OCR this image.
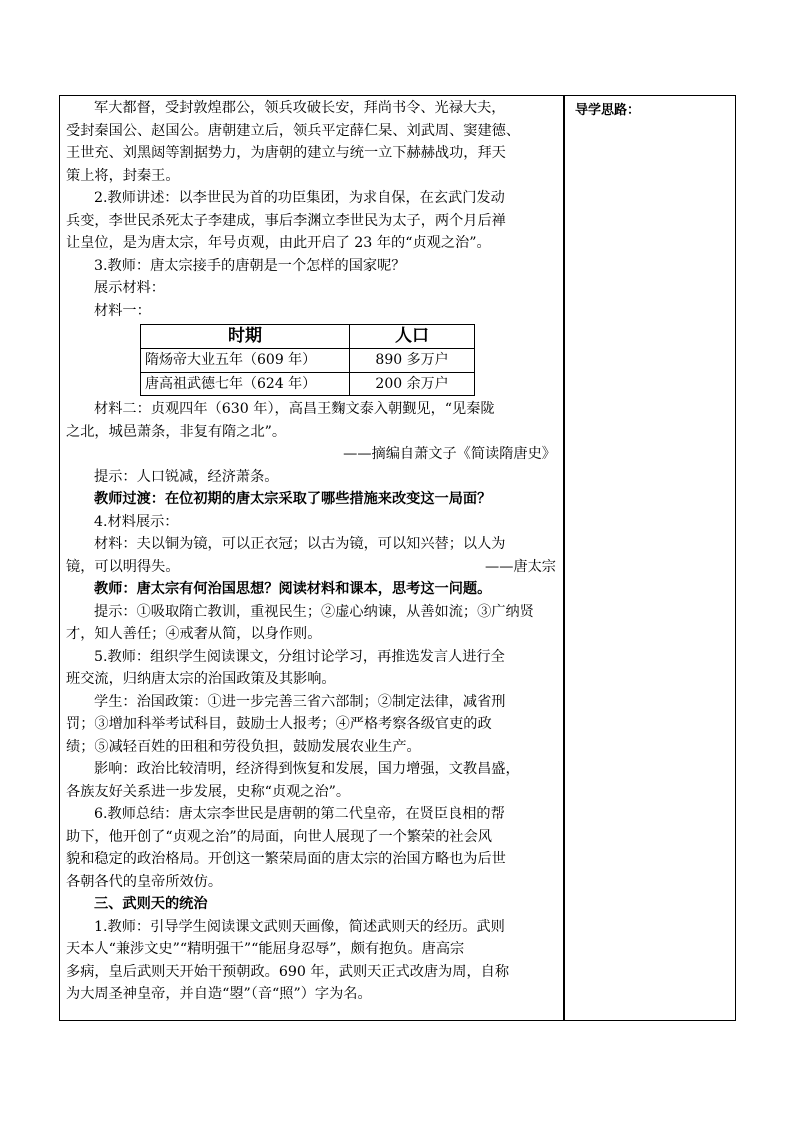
导学思路：

军大都督，受封敦煌郡公，领兵攻破长安，拜尚书令、光禄大夫，

受封秦国公、赵国公。唐朝建立后，领兵平定薛仁杲、刘武周、窦建德、

王世充、刘黑闼等割据势力，为唐朝的建立与统一立下赫赫战功，拜天

策上将，封秦王。

2.教师讲述：以李世民为首的功臣集团，为求自保，在玄武门发动

兵变，李世民杀死太子李建成，事后李渊立李世民为太子，两个月后禅

让皇位，是为唐太宗，年号贞观，由此开启了 23 年的“贞观之治”。

3.教师：唐太宗接手的唐朝是一个怎样的国家呢？

展示材料：

材料一：

时期	人口
隋炀帝大业五年（609 年）	890 多万户
唐高祖武德七年（624 年）	200 余万户

材料二：贞观四年（630 年），高昌王麴文泰入朝觐见，“见秦陇

之北，城邑萧条，非复有隋之北”。

——摘编自萧文子《简读隋唐史》

提示：人口锐减，经济萧条。

教师过渡：在位初期的唐太宗采取了哪些措施来改变这一局面？

4.材料展示：

材料：夫以铜为镜，可以正衣冠；以古为镜，可以知兴替；以人为

镜，可以明得失。	——唐太宗

教师：唐太宗有何治国思想？阅读材料和课本，思考这一问题。

提示：①吸取隋亡教训，重视民生；②虚心纳谏，从善如流；③广纳贤

才，知人善任；④戒奢从简，以身作则。

5.教师：组织学生阅读课文，分组讨论学习，再推选发言人进行全

班交流，归纳唐太宗的治国政策及其影响。

学生：治国政策：①进一步完善三省六部制；②制定法律，减省刑

罚；③增加科举考试科目，鼓励士人报考；④严格考察各级官吏的政

绩；⑤减轻百姓的田租和劳役负担，鼓励发展农业生产。

影响：政治比较清明，经济得到恢复和发展，国力增强，文教昌盛，

各族友好关系进一步发展，史称“贞观之治”。

6.教师总结：唐太宗李世民是唐朝的第二代皇帝，在贤臣良相的帮

助下，他开创了“贞观之治”的局面，向世人展现了一个繁荣的社会风

貌和稳定的政治格局。开创这一繁荣局面的唐太宗的治国方略也为后世

各朝各代的皇帝所效仿。

三、武则天的统治

1.教师：引导学生阅读课文武则天画像，简述武则天的经历。武则

天本人“兼涉文史”“精明强干”“能屈身忍辱”，颇有抱负。唐高宗

多病，皇后武则天开始干预朝政。690 年，武则天正式改唐为周，自称

为大周圣神皇帝，并自造“曌”（音“照”）字为名。
